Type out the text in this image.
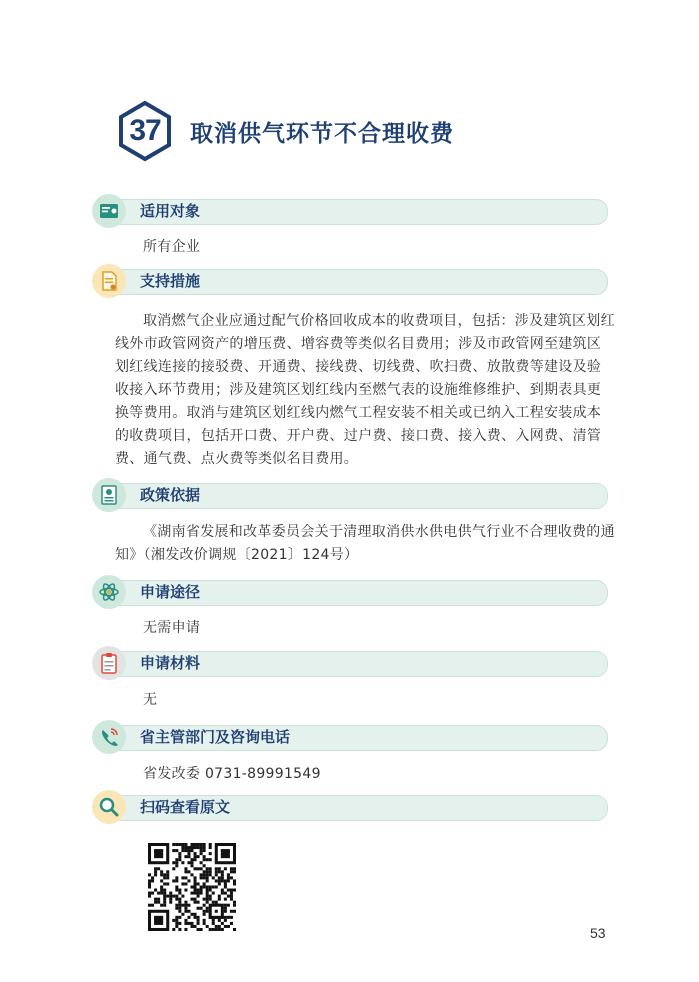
37	取消供气环节不合理收费
适用对象
所有企业
支持措施
取消燃气企业应通过配气价格回收成本的收费项目，包括：涉及建筑区划红线外市政管网资产的增压费、增容费等类似名目费用；涉及市政管网至建筑区划红线连接的接驳费、开通费、接线费、切线费、吹扫费、放散费等建设及验收接入环节费用；涉及建筑区划红线内至燃气表的设施维修维护、到期表具更换等费用。取消与建筑区划红线内燃气工程安装不相关或已纳入工程安装成本的收费项目，包括开口费、开户费、过户费、接口费、接入费、入网费、清管费、通气费、点火费等类似名目费用。
政策依据
《湖南省发展和改革委员会关于清理取消供水供电供气行业不合理收费的通知》（湘发改价调规〔2021〕124号）
申请途径
无需申请
申请材料
无
省主管部门及咨询电话
省发改委 0731-89991549
扫码查看原文
53
